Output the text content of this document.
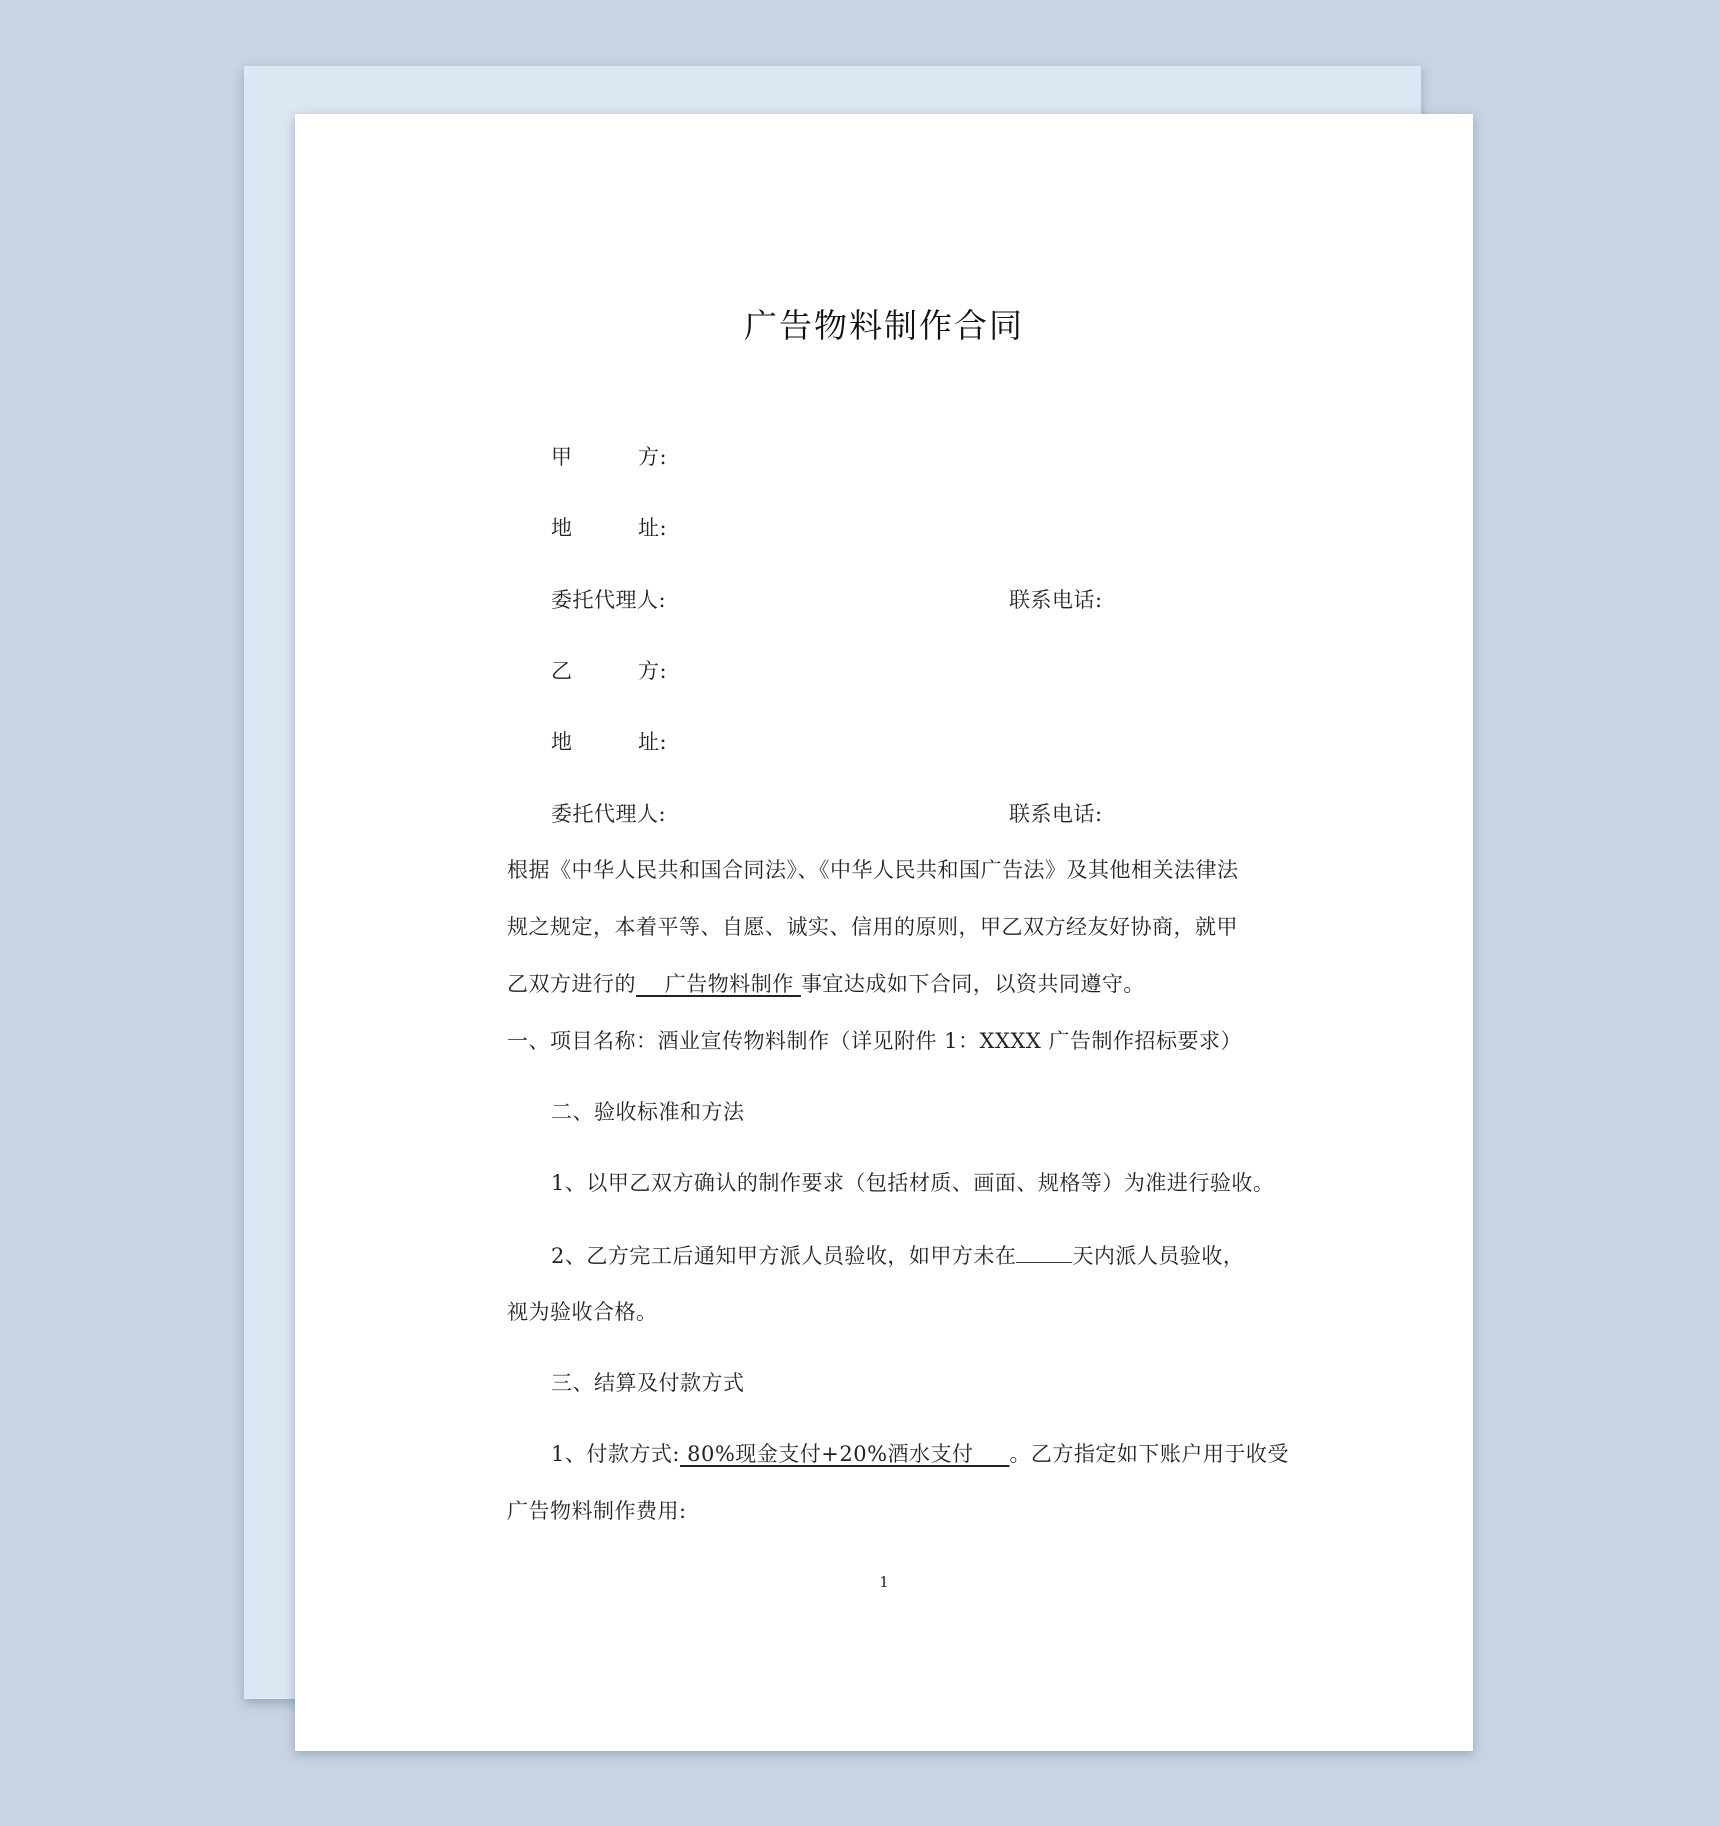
广告物料制作合同
甲	方:
地	址:
委托代理人:	联系电话:
乙	方:
地	址:
委托代理人:	联系电话:
根据《中华人民共和国合同法》、《中华人民共和国广告法》及其他相关法律法
规之规定，本着平等、自愿、诚实、信用的原则，甲乙双方经友好协商，就甲
乙双方进行的    广告物料制作 事宜达成如下合同，以资共同遵守。
一、项目名称：酒业宣传物料制作（详见附件 1：XXXX 广告制作招标要求）
二、验收标准和方法
1、以甲乙双方确认的制作要求（包括材质、画面、规格等）为准进行验收。
2、乙方完工后通知甲方派人员验收，如甲方未在	天内派人员验收，
视为验收合格。
三、结算及付款方式
1、付款方式: 80%现金支付+20%酒水支付     。乙方指定如下账户用于收受
广告物料制作费用:
1
